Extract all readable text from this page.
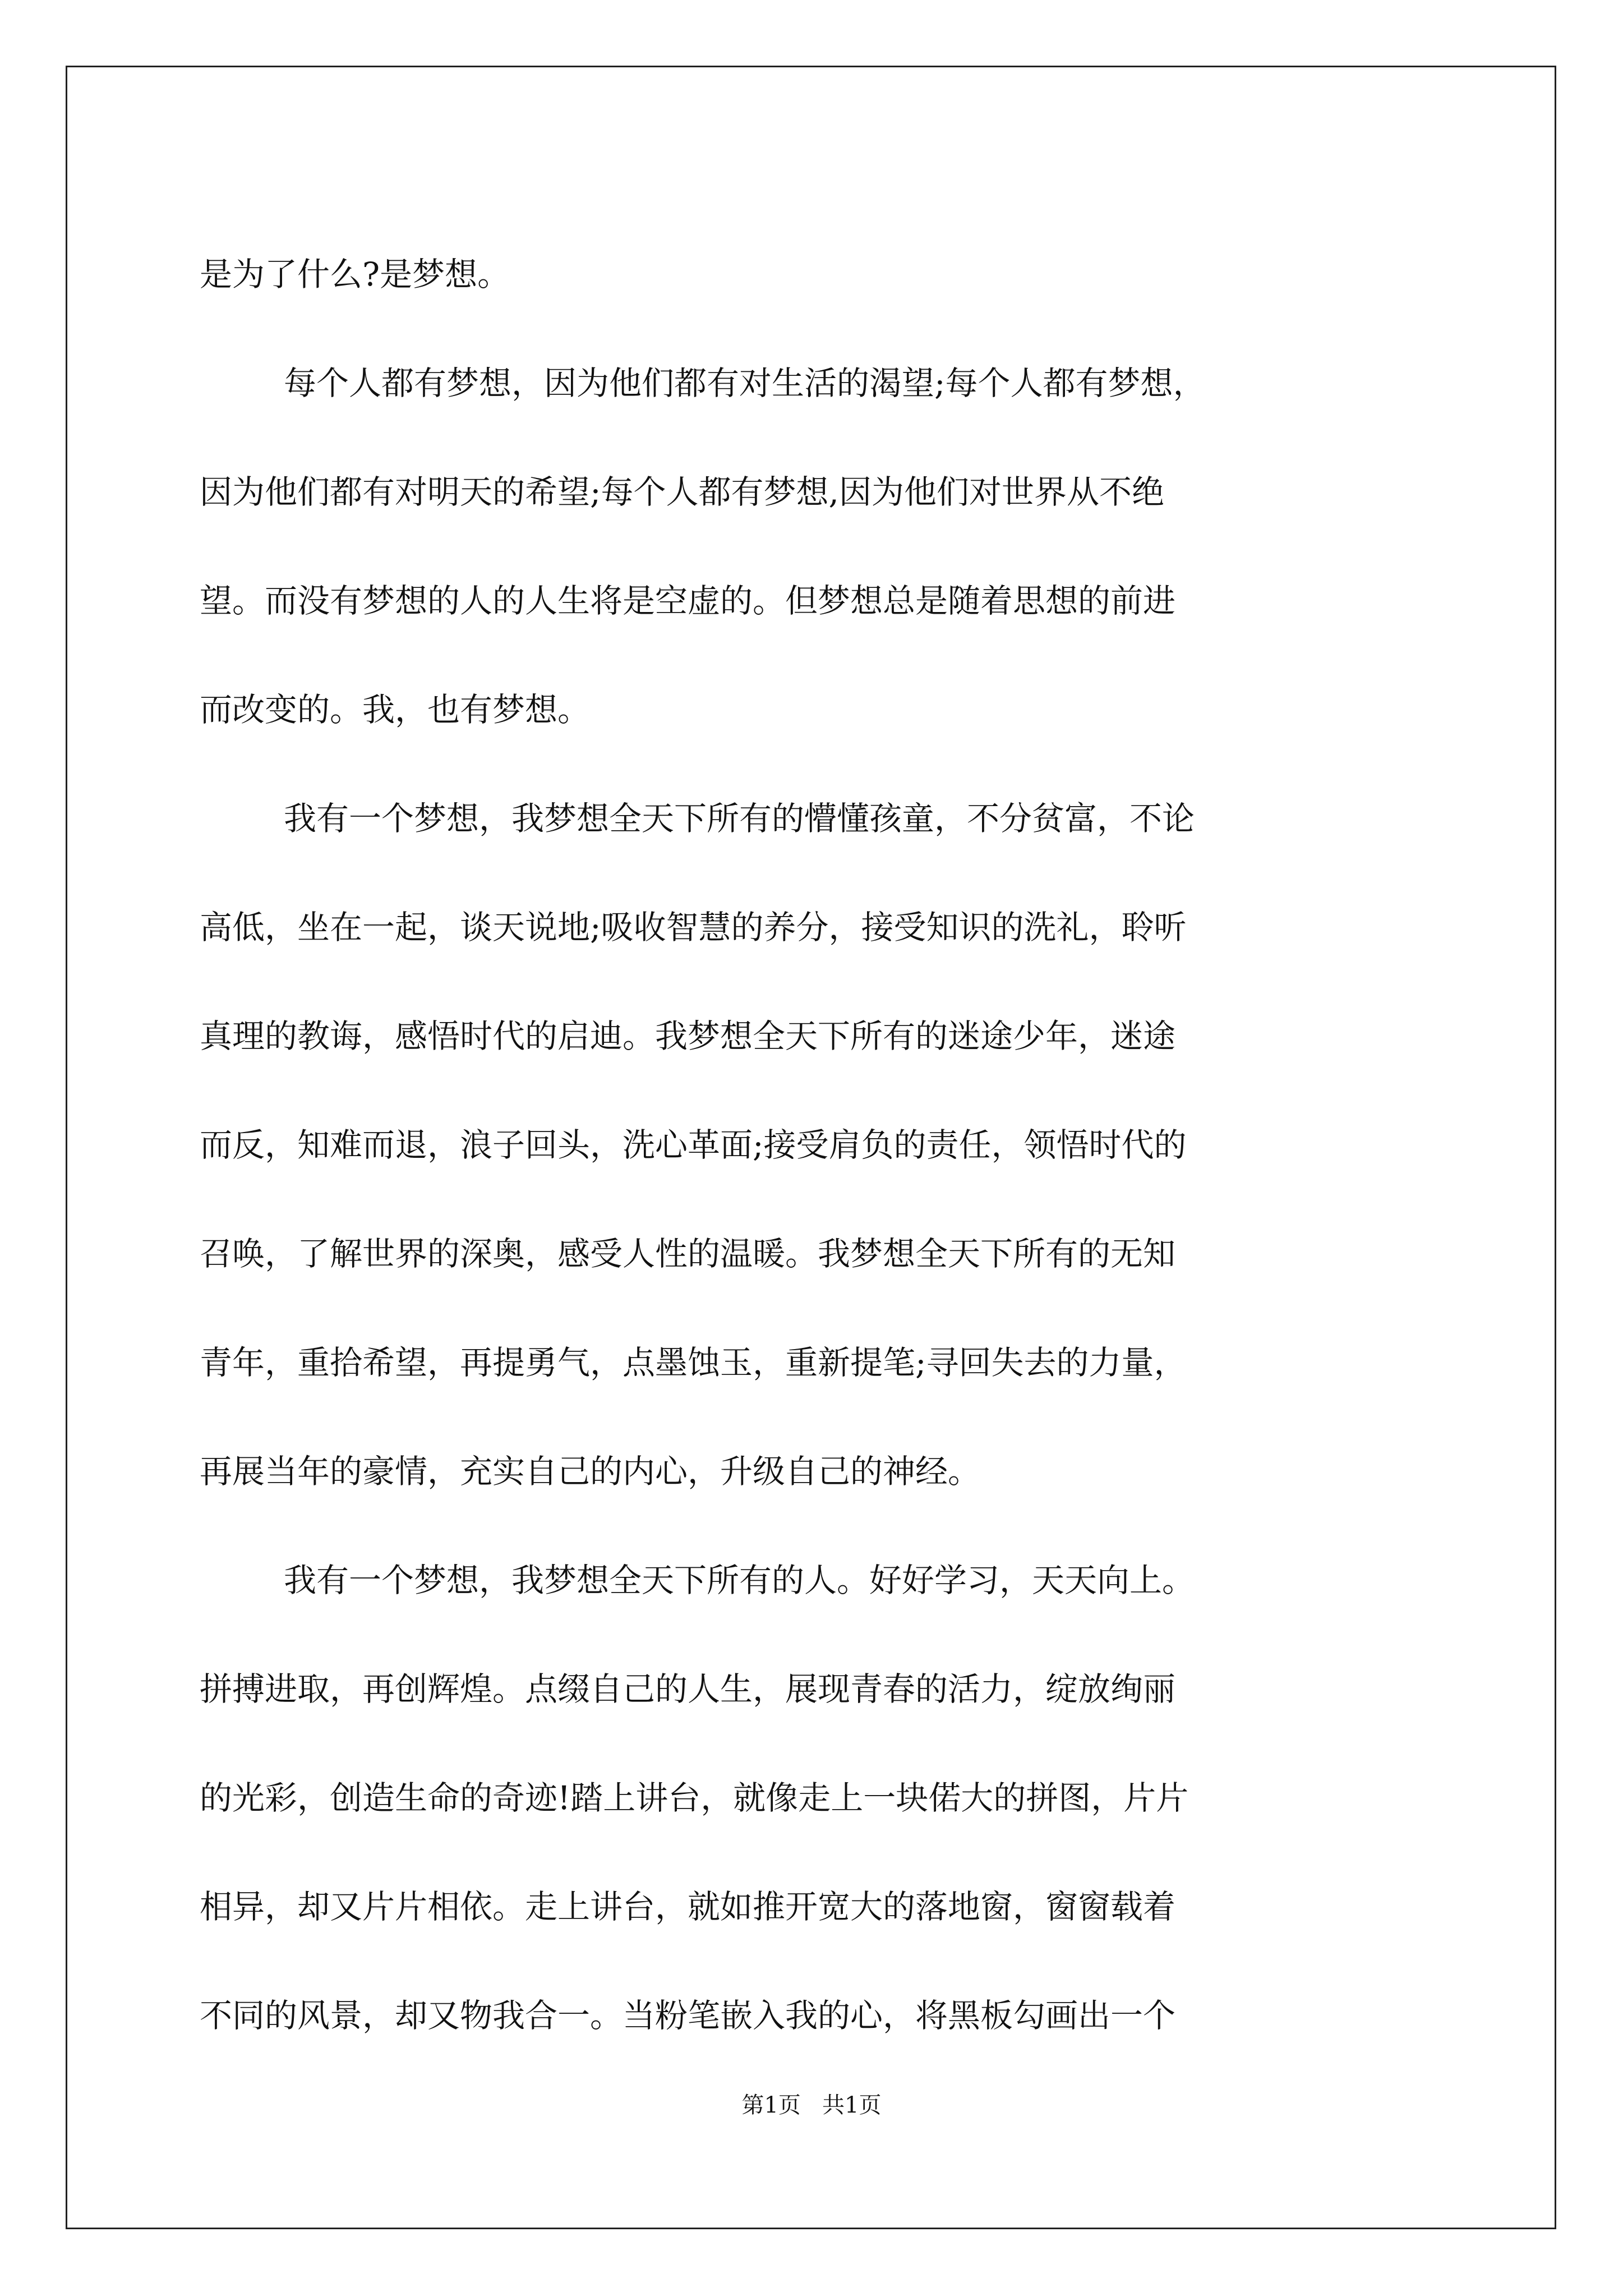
是为了什么?是梦想。
每个人都有梦想，因为他们都有对生活的渴望;每个人都有梦想，
因为他们都有对明天的希望;每个人都有梦想,因为他们对世界从不绝
望。而没有梦想的人的人生将是空虚的。但梦想总是随着思想的前进
而改变的。我，也有梦想。
我有一个梦想，我梦想全天下所有的懵懂孩童，不分贫富，不论
高低，坐在一起，谈天说地;吸收智慧的养分，接受知识的洗礼，聆听
真理的教诲，感悟时代的启迪。我梦想全天下所有的迷途少年，迷途
而反，知难而退，浪子回头，洗心革面;接受肩负的责任，领悟时代的
召唤，了解世界的深奥，感受人性的温暖。我梦想全天下所有的无知
青年，重拾希望，再提勇气，点墨蚀玉，重新提笔;寻回失去的力量，
再展当年的豪情，充实自己的内心，升级自己的神经。
我有一个梦想，我梦想全天下所有的人。好好学习，天天向上。
拼搏进取，再创辉煌。点缀自己的人生，展现青春的活力，绽放绚丽
的光彩，创造生命的奇迹!踏上讲台，就像走上一块偌大的拼图，片片
相异，却又片片相依。走上讲台，就如推开宽大的落地窗，窗窗载着
不同的风景，却又物我合一。当粉笔嵌入我的心，将黑板勾画出一个
第1页   共1页
